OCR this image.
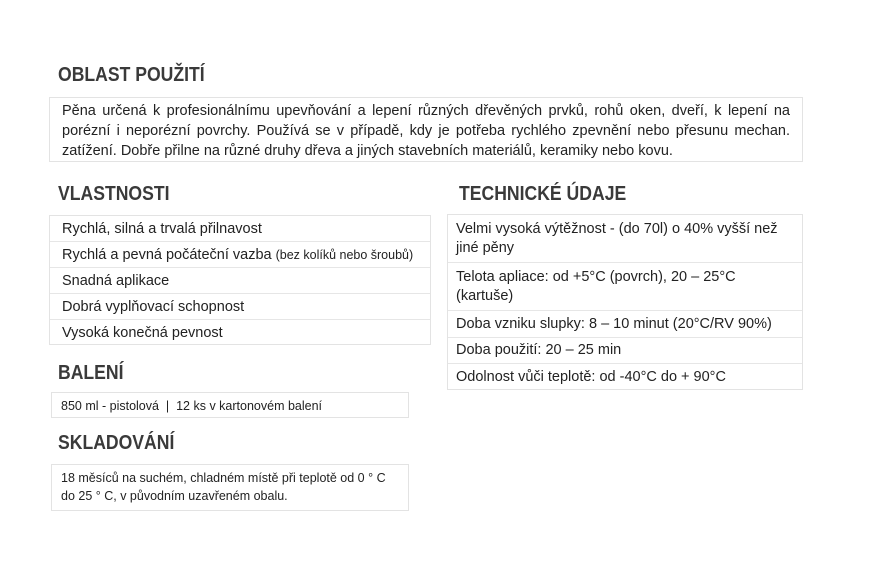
OBLAST POUŽITÍ

Pěna určená k profesionálnímu upevňování a lepení různých dřevěných prvků, rohů oken, dveří, k lepení na porézní i neporézní povrchy. Používá se v případě, kdy je potřeba rychlého zpevnění nebo přesunu mechan. zatížení. Dobře přilne na různé druhy dřeva a jiných stavebních materiálů, keramiky nebo kovu.

VLASTNOSTI
Rychlá, silná a trvalá přilnavost
Rychlá a pevná počáteční vazba (bez kolíků nebo šroubů)
Snadná aplikace
Dobrá vyplňovací schopnost
Vysoká konečná pevnost
BALENÍ
850 ml - pistolová  |  12 ks v kartonovém balení
SKLADOVÁNÍ
18 měsíců na suchém, chladném místě při teplotě od 0 ° C do 25 ° C, v původním uzavřeném obalu.
TECHNICKÉ ÚDAJE
Velmi vysoká výtěžnost - (do 70l) o 40% vyšší než jiné pěny
Telota apliace: od +5°C (povrch), 20 – 25°C (kartuše)
Doba vzniku slupky: 8 – 10 minut (20°C/RV 90%)
Doba použití: 20 – 25 min
Odolnost vůči teplotě: od -40°C do + 90°C
